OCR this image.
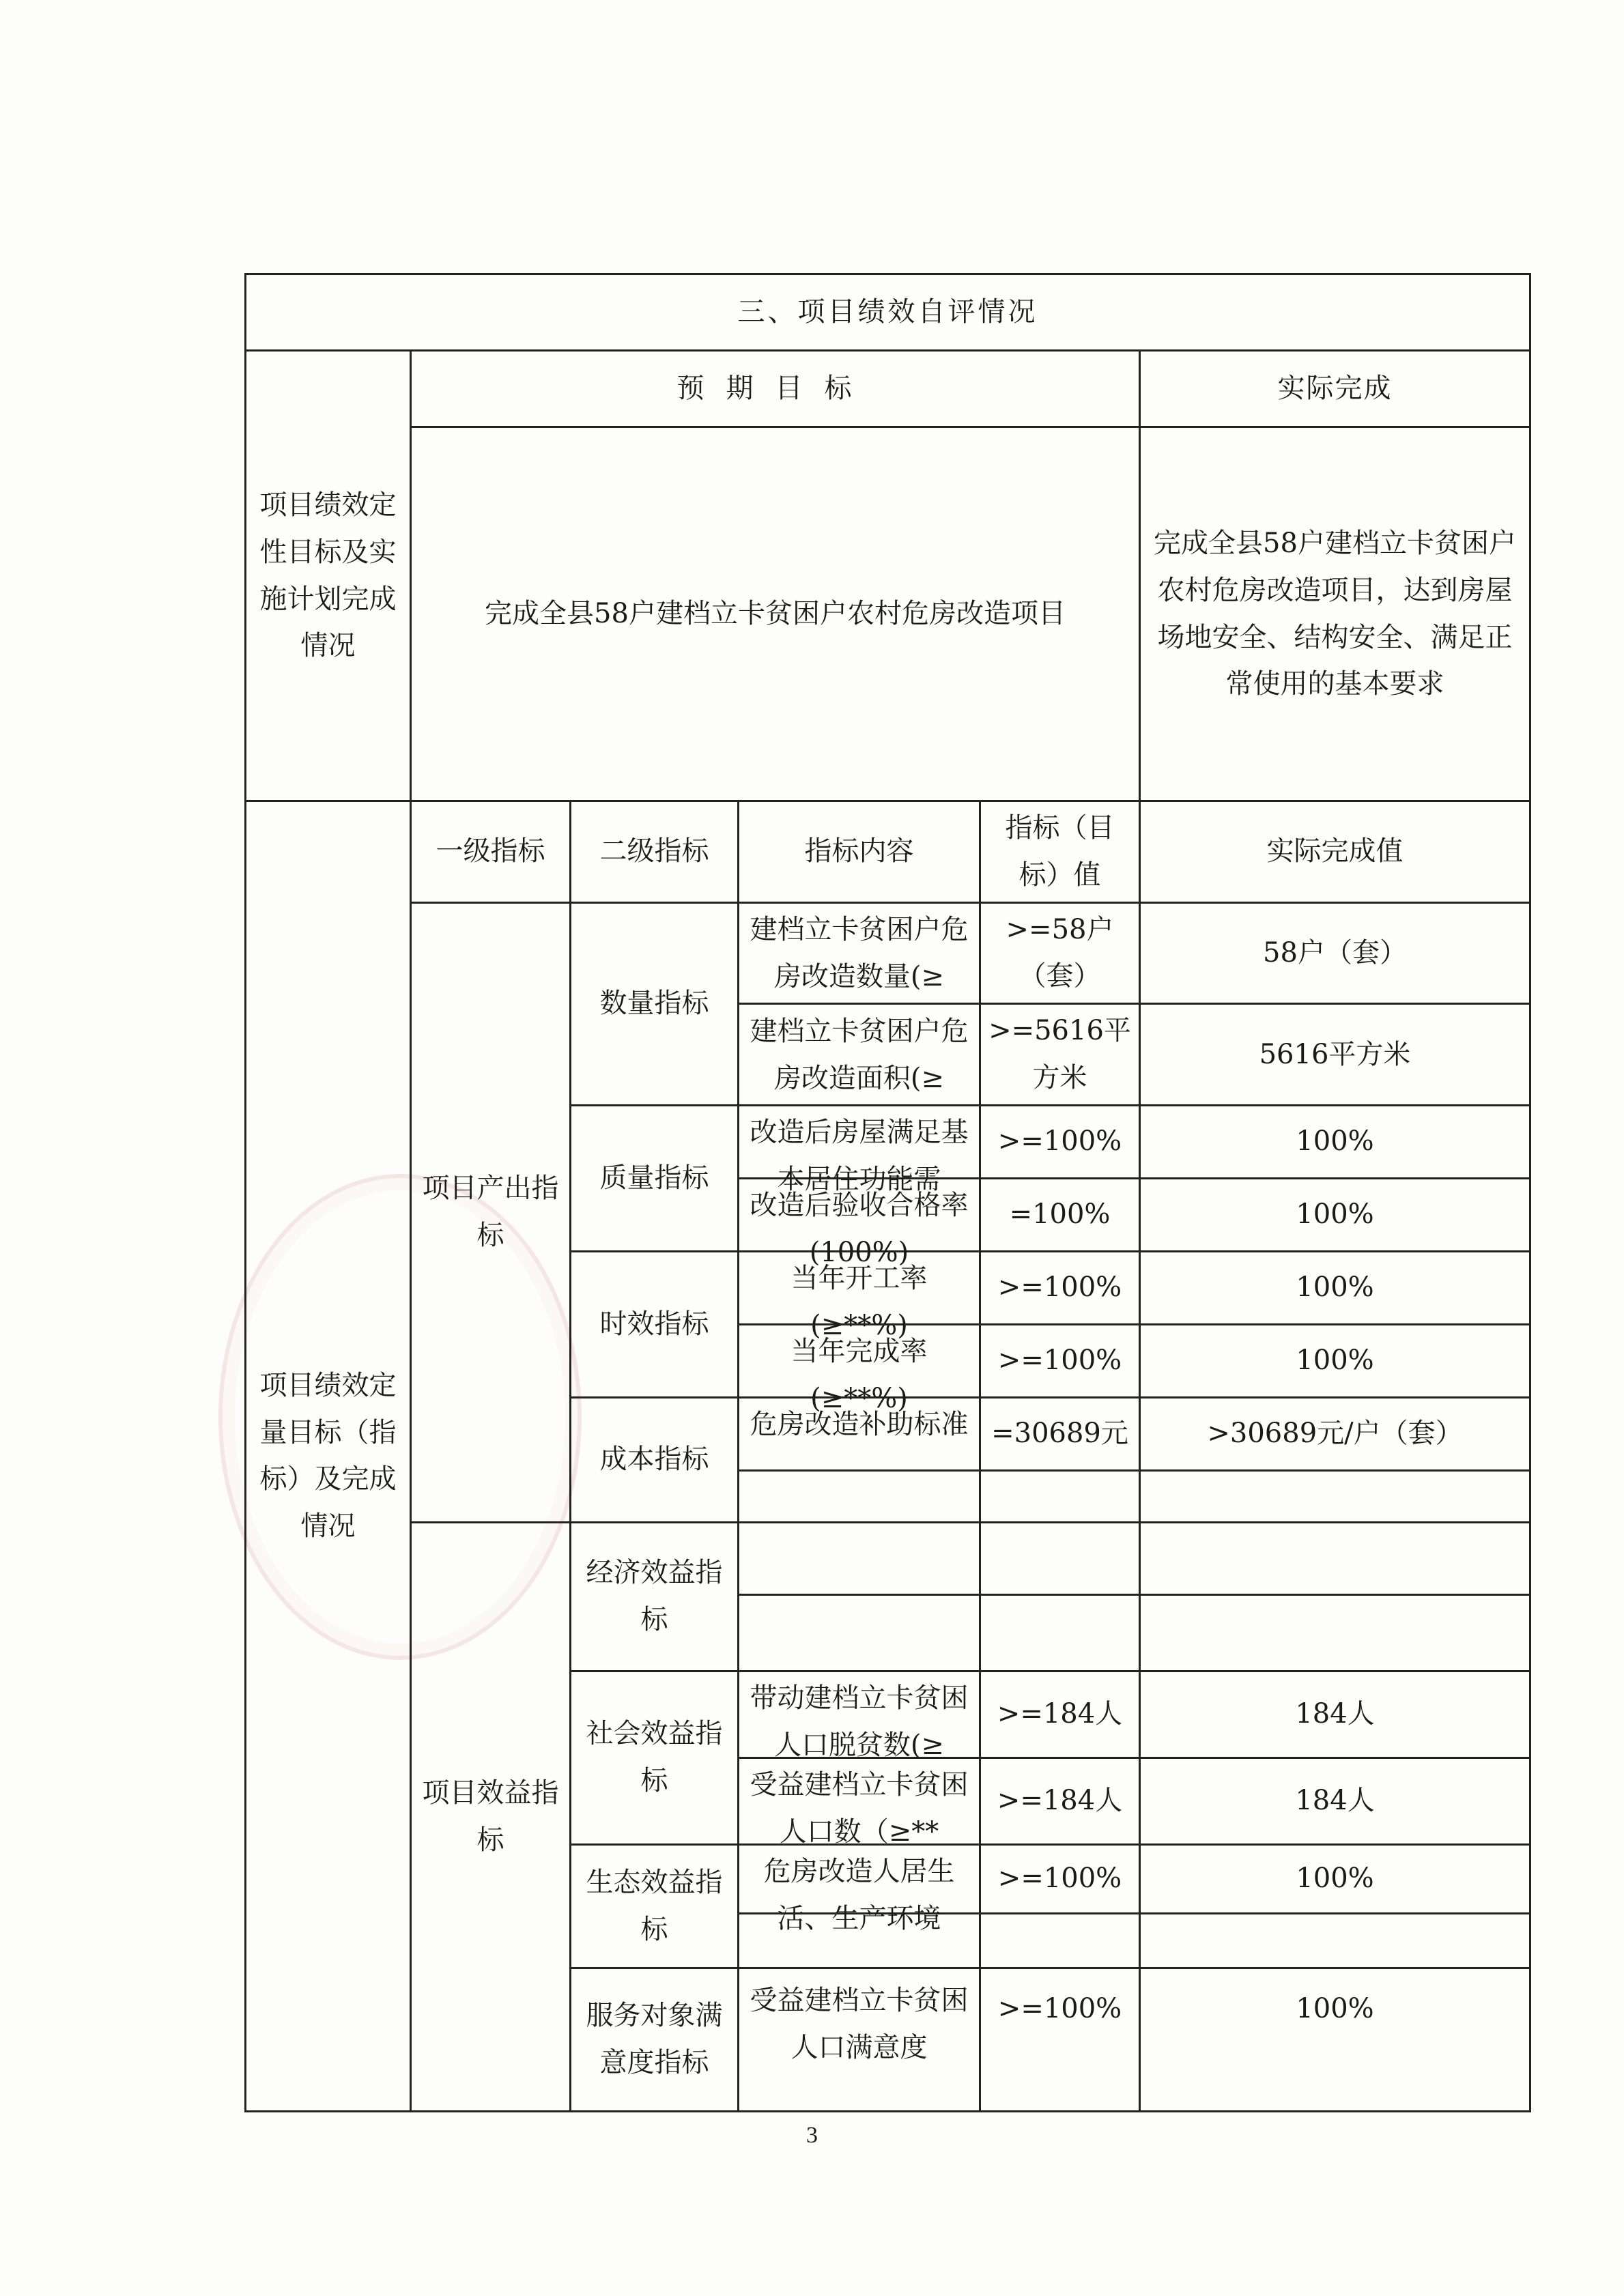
三、项目绩效自评情况					
项目绩效定性目标及实施计划完成情况	预期目标				实际完成
	完成全县58户建档立卡贫困户农村危房改造项目				完成全县58户建档立卡贫困户农村危房改造项目，达到房屋场地安全、结构安全、满足正常使用的基本要求
项目绩效定量目标（指标）及完成情况	一级指标	二级指标	指标内容	指标（目标）值	实际完成值
	项目产出指标	数量指标	建档立卡贫困户危房改造数量(≥	>=58户（套）	58户（套）

			建档立卡贫困户危房改造面积(≥	>=5616平方米	5616平方米
		质量指标	改造后房屋满足基本居住功能需	>=100%	100%

			改造后验收合格率(100%)	=100%	100%
		时效指标	当年开工率(≥**%)	>=100%	100%

			当年完成率(≥**%)	>=100%	100%
		成本指标	危房改造补助标准	=30689元	>30689元/户（套）

	项目效益指标	经济效益指标			

		社会效益指标	带动建档立卡贫困人口脱贫数(≥	>=184人	184人

			受益建档立卡贫困人口数（≥**	>=184人	184人
		生态效益指标	危房改造人居生活、生产环境	>=100%	100%

		服务对象满意度指标	受益建档立卡贫困人口满意度	>=100%	100%
3
